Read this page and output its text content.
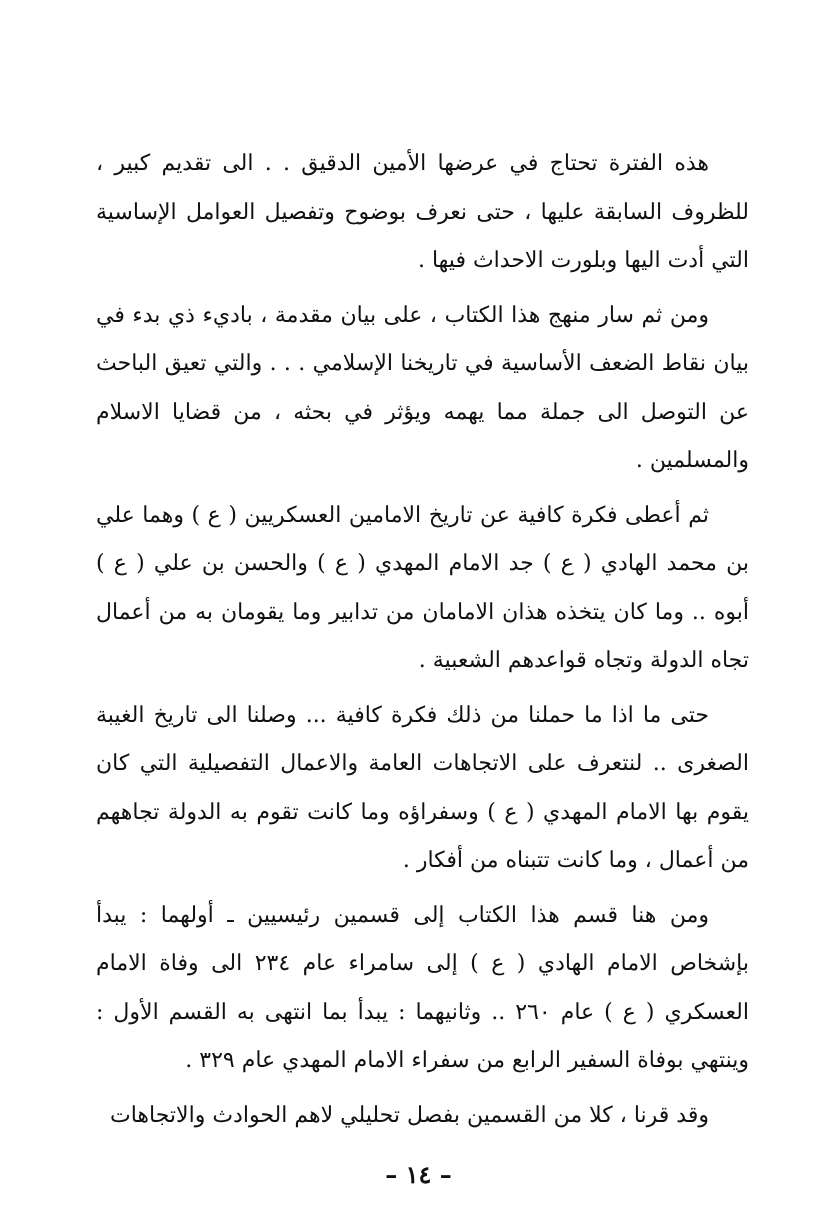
هذه الفترة تحتاج في عرضها الأمين الدقيق . . الى تقديم كبير ، للظروف السابقة عليها ، حتى نعرف بوضوح وتفصيل العوامل الإساسية التي أدت اليها وبلورت الاحداث فيها .

ومن ثم سار منهج هذا الكتاب ، على بيان مقدمة ، باديء ذي بدء في بيان نقاط الضعف الأساسية في تاريخنا الإسلامي . . . والتي تعيق الباحث عن التوصل الى جملة مما يهمه ويؤثر في بحثه ، من قضايا الاسلام والمسلمين .

ثم أعطى فكرة كافية عن تاريخ الامامين العسكريين ( ع ) وهما علي بن محمد الهادي ( ع ) جد الامام المهدي ( ع ) والحسن بن علي ( ع ) أبوه .. وما كان يتخذه هذان الامامان من تدابير وما يقومان به من أعمال تجاه الدولة وتجاه قواعدهم الشعبية .

حتى ما اذا ما حملنا من ذلك فكرة كافية ... وصلنا الى تاريخ الغيبة الصغرى .. لنتعرف على الاتجاهات العامة والاعمال التفصيلية التي كان يقوم بها الامام المهدي ( ع ) وسفراؤه وما كانت تقوم به الدولة تجاههم من أعمال ، وما كانت تتبناه من أفكار .

ومن هنا قسم هذا الكتاب إلى قسمين رئيسيين ـ أولهما : يبدأ بإشخاص الامام الهادي ( ع ) إلى سامراء عام ٢٣٤ الى وفاة الامام العسكري ( ع ) عام ٢٦٠ .. وثانيهما : يبدأ بما انتهى به القسم الأول : وينتهي بوفاة السفير الرابع من سفراء الامام المهدي عام ٣٢٩ .

وقد قرنا ، كلا من القسمين بفصل تحليلي لاهم الحوادث والاتجاهات

– ١٤ –
